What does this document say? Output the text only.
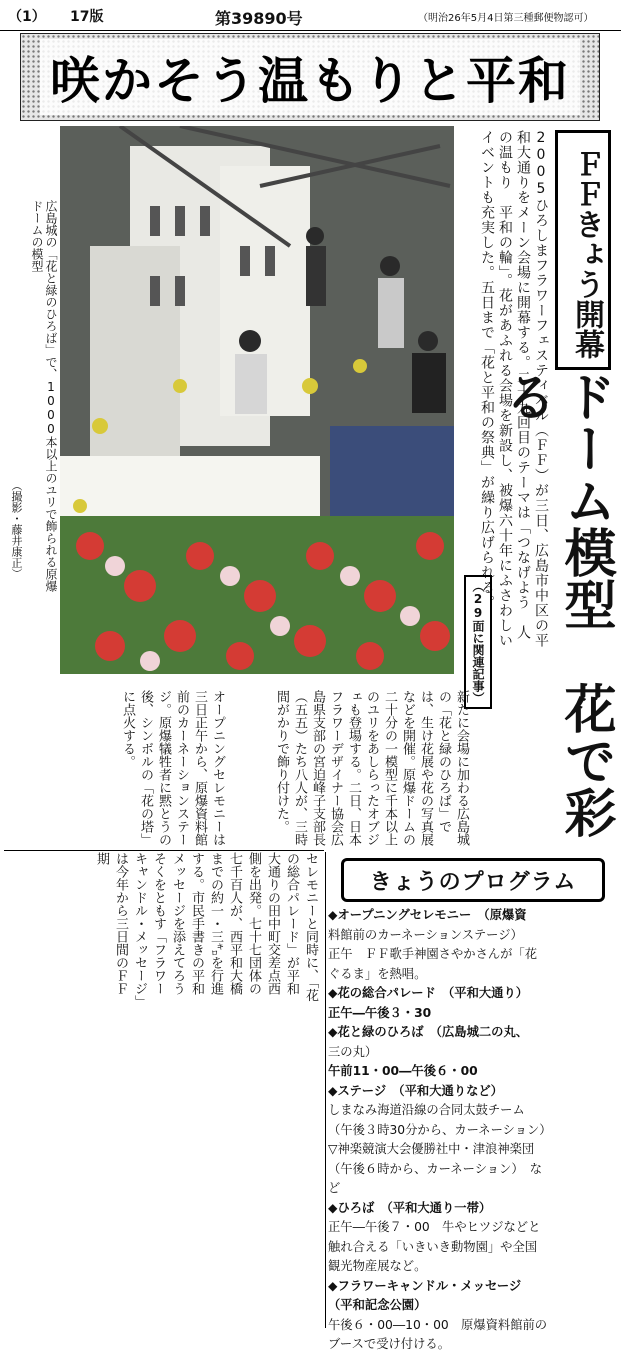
（1） 17版	第39890号	（明治26年5月4日第三種郵便物認可）
咲かそう温もりと平和
広島城の「花と緑のひろば」で、1000本以上のユリで飾られる原爆ドームの模型
（撮影・藤井康正）
ＦＦきょう開幕
ドーム模型　花で彩る
2005ひろしまフラワーフェスティバル（ＦＦ）が三日、広島市中区の平和大通りをメーン会場に開幕する。二十九回目のテーマは「つなげよう　人の温もり　平和の輪」。花があふれる会場を新設し、被爆六十年にふさわしいイベントも充実した。五日まで「花と平和の祭典」が繰り広げられる。
（29面に関連記事）
新たに会場に加わる広島城の「花と緑のひろば」では、生け花展や花の写真展などを開催。原爆ドームの二十分の一模型に千本以上のユリをあしらったオブジェも登場する。二日、日本フラワーデザイナー協会広島県支部の宮迫峰子支部長（五五）たち八人が、三時間がかりで飾り付けた。
オープニングセレモニーは三日正午から、原爆資料館前のカーネーションステージ。原爆犠牲者に黙とうの後、シンボルの「花の塔」に点火する。
セレモニーと同時に、「花の総合パレード」が平和大通りの田中町交差点西側を出発。七十七団体の七千百人が、西平和大橋までの約一・三㌔を行進する。市民手書きの平和メッセージを添えてろうそくをともす「フラワーキャンドル・メッセージ」は今年から三日間のＦＦ期
きょうのプログラム
◆オープニングセレモニー　（原爆資
料館前のカーネーションステージ）
正午　ＦＦ歌手神園さやかさんが「花
ぐるま」を熱唱。
◆花の総合パレード　（平和大通り）
正午―午後３・30
◆花と緑のひろば　（広島城二の丸、
三の丸）
午前11・00―午後６・00
◆ステージ　（平和大通りなど）
しまなみ海道沿線の合同太鼓チーム
（午後３時30分から、カーネーション）
▽神楽競演大会優勝社中・津浪神楽団
（午後６時から、カーネーション）　な
ど
◆ひろば　（平和大通り一帯）
正午―午後７・00　牛やヒツジなどと
触れ合える「いきいき動物園」や全国
観光物産展など。
◆フラワーキャンドル・メッセージ
（平和記念公園）
午後６・00―10・00　原爆資料館前の
ブースで受け付ける。
